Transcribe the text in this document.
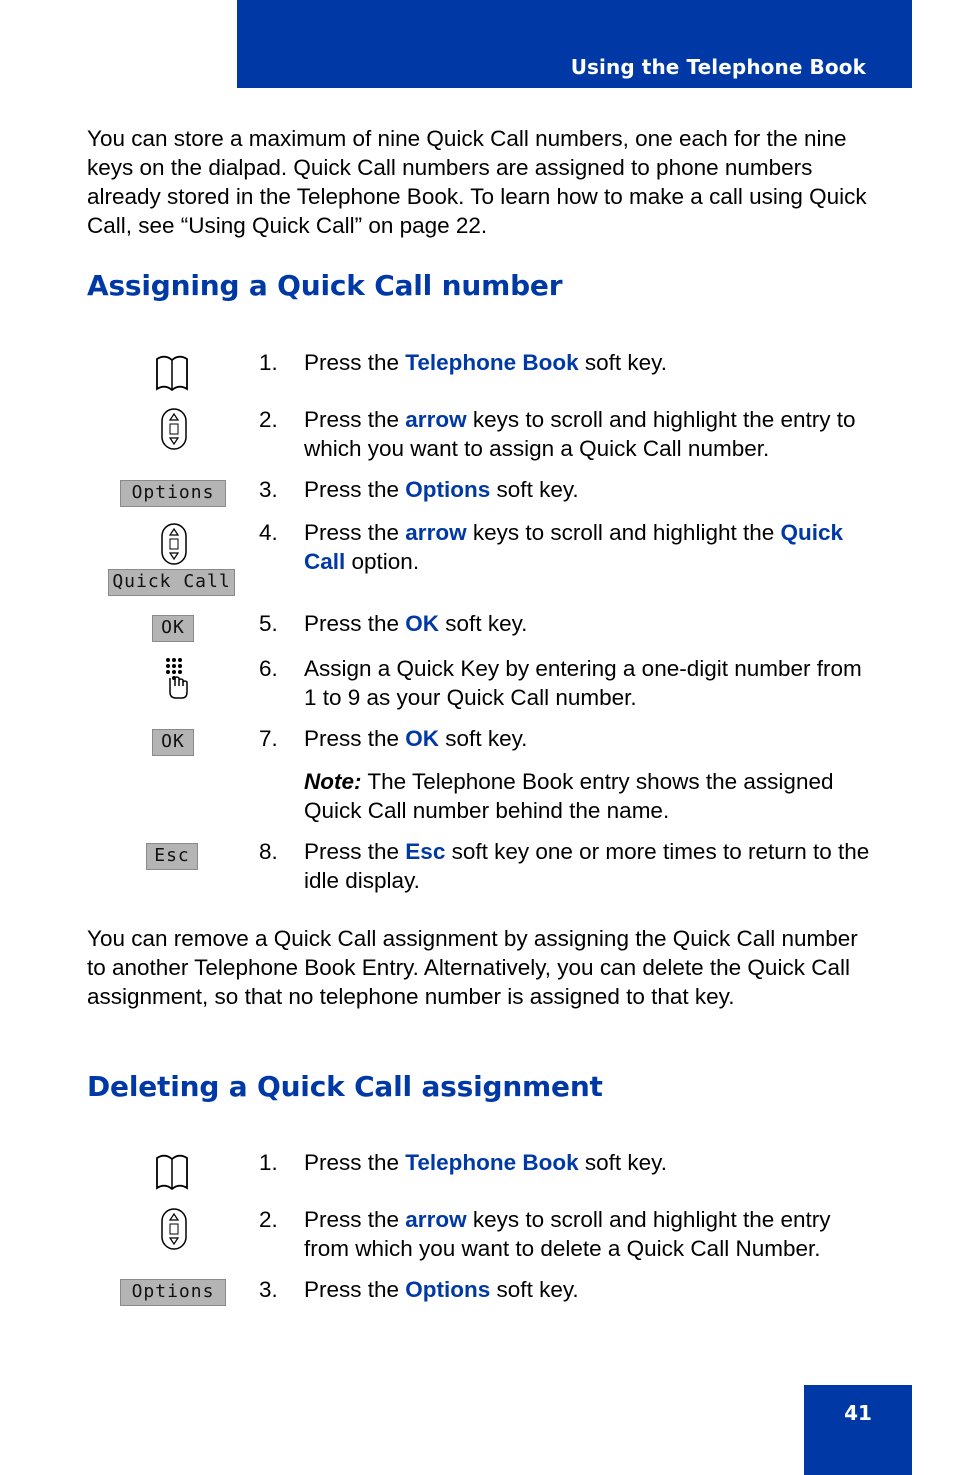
Using the Telephone Book

You can store a maximum of nine Quick Call numbers, one each for the nine keys on the dialpad. Quick Call numbers are assigned to phone numbers already stored in the Telephone Book. To learn how to make a call using Quick Call, see “Using Quick Call” on page 22.

Assigning a Quick Call number
Options
Quick Call
OK
OK
Esc
1.	Press the Telephone Book soft key.
2.	Press the arrow keys to scroll and highlight the entry to which you want to assign a Quick Call number.
3.	Press the Options soft key.
4.	Press the arrow keys to scroll and highlight the Quick Call option.
5.	Press the OK soft key.
6.	Assign a Quick Key by entering a one-digit number from 1 to 9 as your Quick Call number.
7.	Press the OK soft key.
Note: The Telephone Book entry shows the assigned Quick Call number behind the name.
8.	Press the Esc soft key one or more times to return to the idle display.

You can remove a Quick Call assignment by assigning the Quick Call number to another Telephone Book Entry. Alternatively, you can delete the Quick Call assignment, so that no telephone number is assigned to that key.

Deleting a Quick Call assignment
Options
1.	Press the Telephone Book soft key.
2.	Press the arrow keys to scroll and highlight the entry from which you want to delete a Quick Call Number.
3.	Press the Options soft key.
41
